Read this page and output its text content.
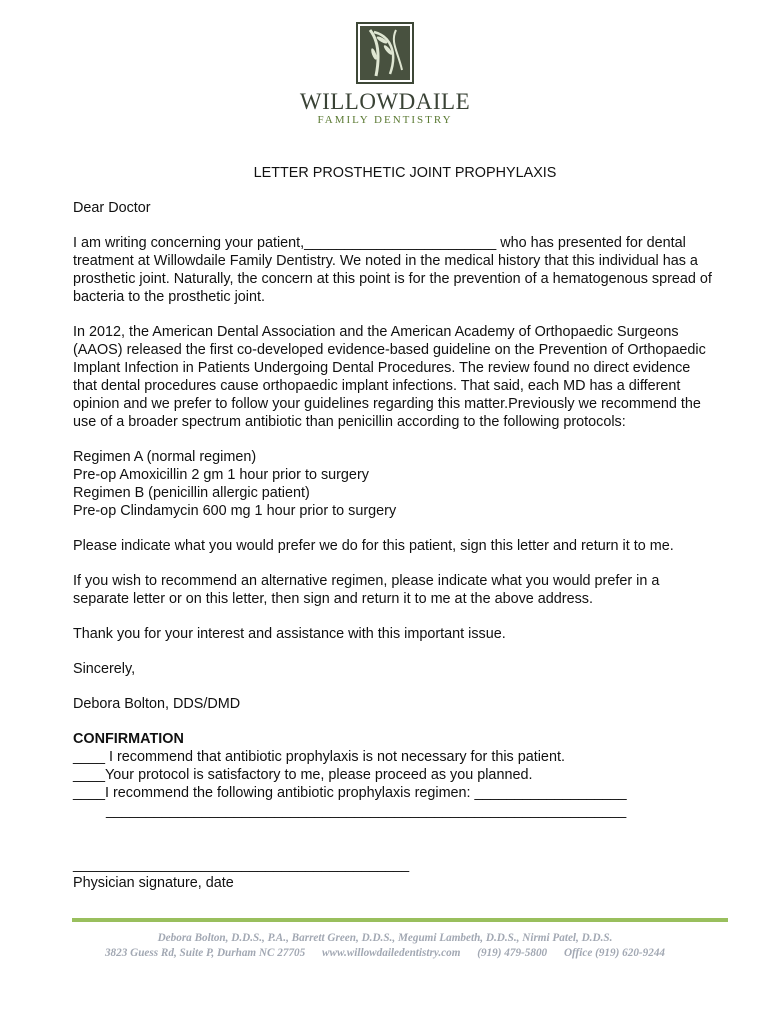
WILLOWDAILE
FAMILY DENTISTRY
LETTER PROSTHETIC JOINT PROPHYLAXIS

Dear Doctor

I am writing concerning your patient,________________________ who has presented for dental
treatment at Willowdaile Family Dentistry. We noted in the medical history that this individual has a
prosthetic joint. Naturally, the concern at this point is for the prevention of a hematogenous spread of
bacteria to the prosthetic joint.

In 2012, the American Dental Association and the American Academy of Orthopaedic Surgeons
(AAOS) released the first co-developed evidence-based guideline on the Prevention of Orthopaedic
Implant Infection in Patients Undergoing Dental Procedures. The review found no direct evidence
that dental procedures cause orthopaedic implant infections. That said, each MD has a different
opinion and we prefer to follow your guidelines regarding this matter.Previously we recommend the
use of a broader spectrum antibiotic than penicillin according to the following protocols:

Regimen A (normal regimen)
Pre-op Amoxicillin 2 gm 1 hour prior to surgery
Regimen B (penicillin allergic patient)
Pre-op Clindamycin 600 mg 1 hour prior to surgery

Please indicate what you would prefer we do for this patient, sign this letter and return it to me.

If you wish to recommend an alternative regimen, please indicate what you would prefer in a
separate letter or on this letter, then sign and return it to me at the above address.

Thank you for your interest and assistance with this important issue.

Sincerely,

Debora Bolton, DDS/DMD

CONFIRMATION
____ I recommend that antibiotic prophylaxis is not necessary for this patient.
____Your protocol is satisfactory to me, please proceed as you planned.
____I recommend the following antibiotic prophylaxis regimen: ___________________
_________________________________________________________________
__________________________________________
Physician signature, date
Debora Bolton, D.D.S., P.A., Barrett Green, D.D.S., Megumi Lambeth, D.D.S., Nirmi Patel, D.D.S.
3823 Guess Rd, Suite P, Durham NC 27705 www.willowdailedentistry.com (919) 479-5800 Office (919) 620-9244
